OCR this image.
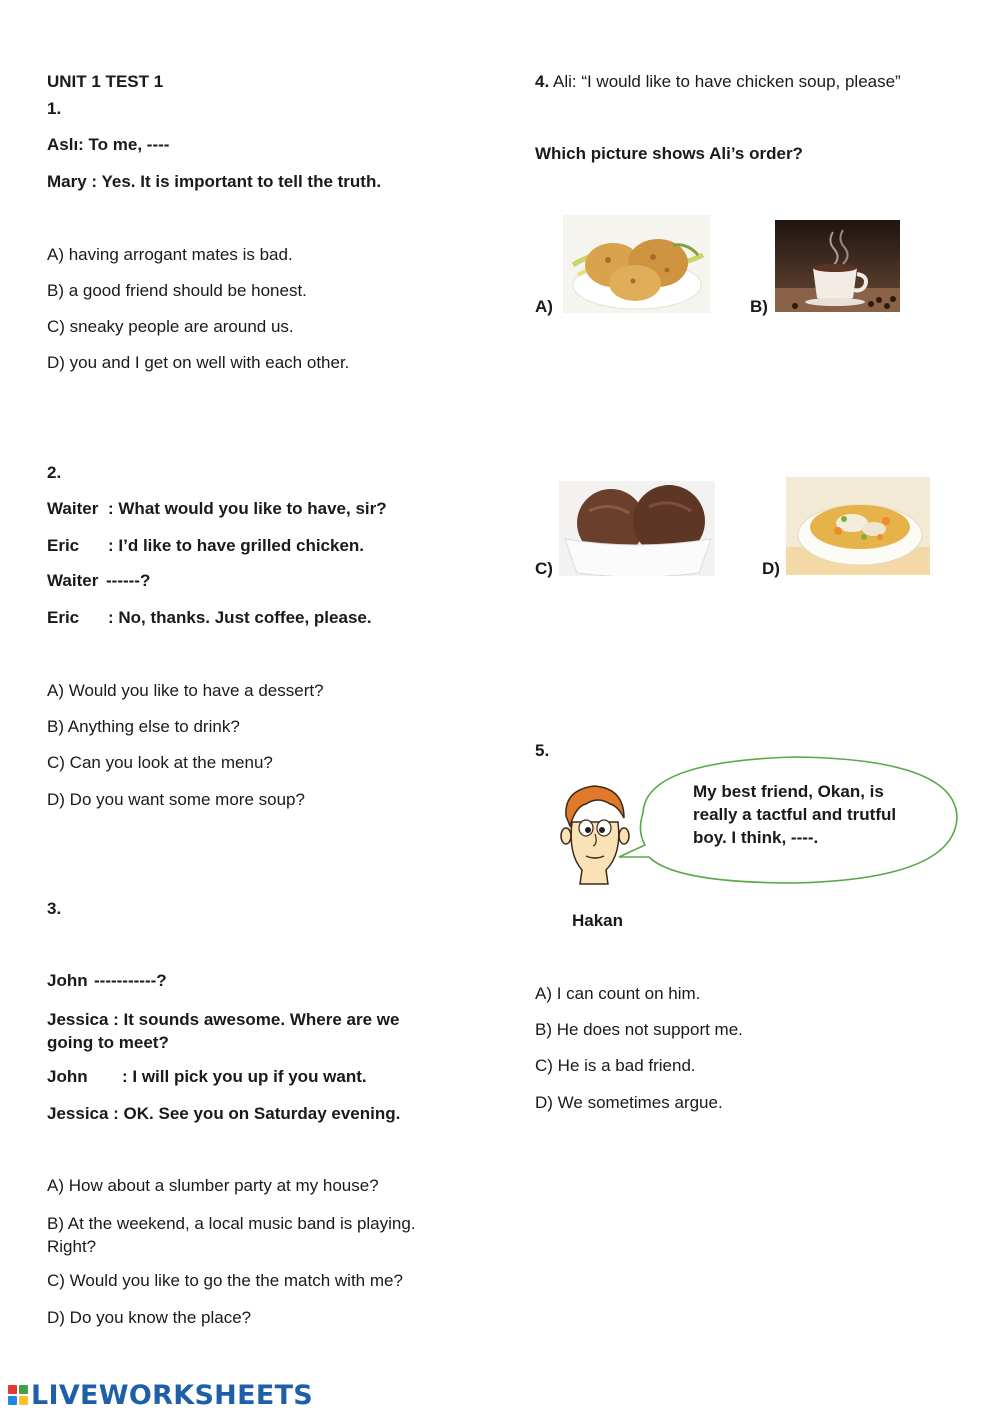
UNIT 1 TEST 1
1.
Aslı: To me, ----
Mary : Yes. It is important to tell the truth.
A) having arrogant mates is bad.
B) a good friend should be honest.
C) sneaky people are around us.
D) you and I get on well with each other.
2.
Waiter : What would you like to have, sir?
Eric : I’d like to have grilled chicken.
Waiter ------?
Eric : No, thanks. Just coffee, please.
A) Would you like to have a dessert?
B) Anything else to drink?
C) Can you look at the menu?
D) Do you want some more soup?
3.
John -----------?
Jessica : It sounds awesome. Where are we going to meet?
John : I will pick you up if you want.
Jessica : OK. See you on Saturday evening.
A) How about a slumber party at my house?
B) At the weekend, a local music band is playing. Right?
C) Would you like to go the the match with me?
D) Do you know the place?
4. Ali: “I would like to have chicken soup, please”
Which picture shows Ali’s order?
A)	B)
C)	D)
5.
My best friend, Okan, is really a tactful and trutful boy. I think, ----.
Hakan
A) I can count on him.
B) He does not support me.
C) He is a bad friend.
D) We sometimes argue.
LIVEWORKSHEETS
